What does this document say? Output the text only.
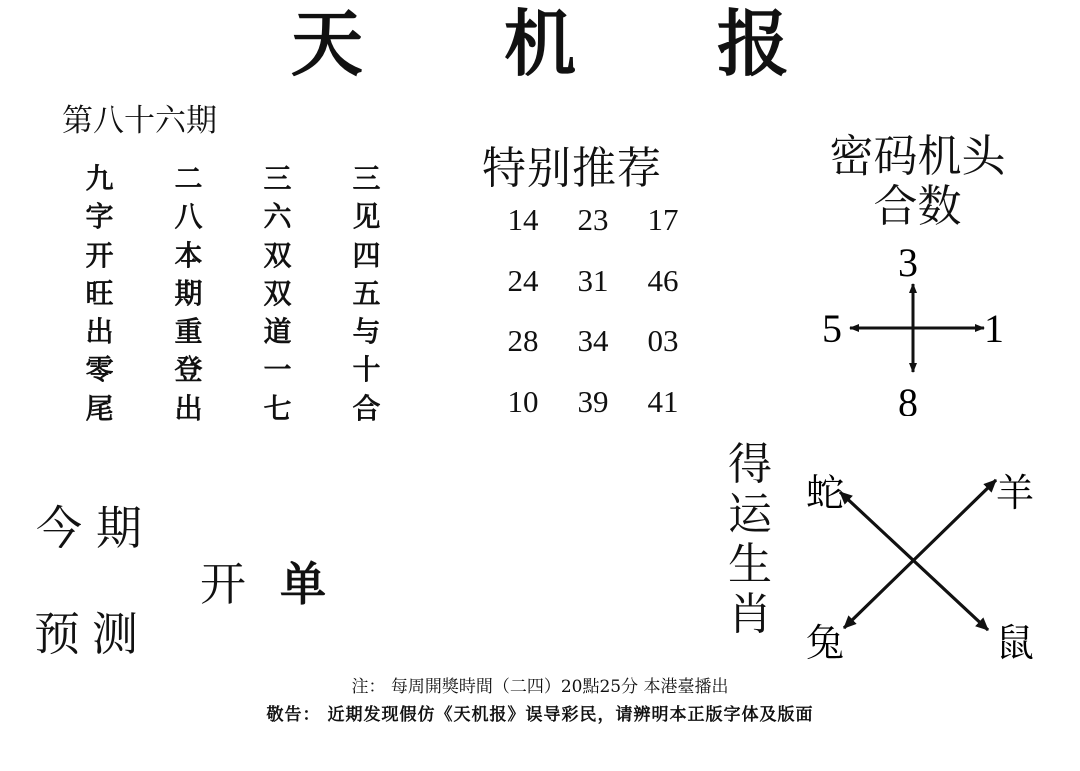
天 机 报
第八十六期
九	二	三	三
字	八	六	见
开	本	双	四
旺	期	双	五
出	重	道	与
零	登	一	十
尾	出	七	合
特别推荐
14	23	17
24	31	46
28	34	03
10	39	41
密码机头
合数
3
5	1
8
得
运
生
肖
蛇	羊
兔	鼠
今期
开单
预测
注： 每周開獎時間（二四）20點25分 本港臺播出
敬告： 近期发现假仿《天机报》误导彩民，请辨明本正版字体及版面
